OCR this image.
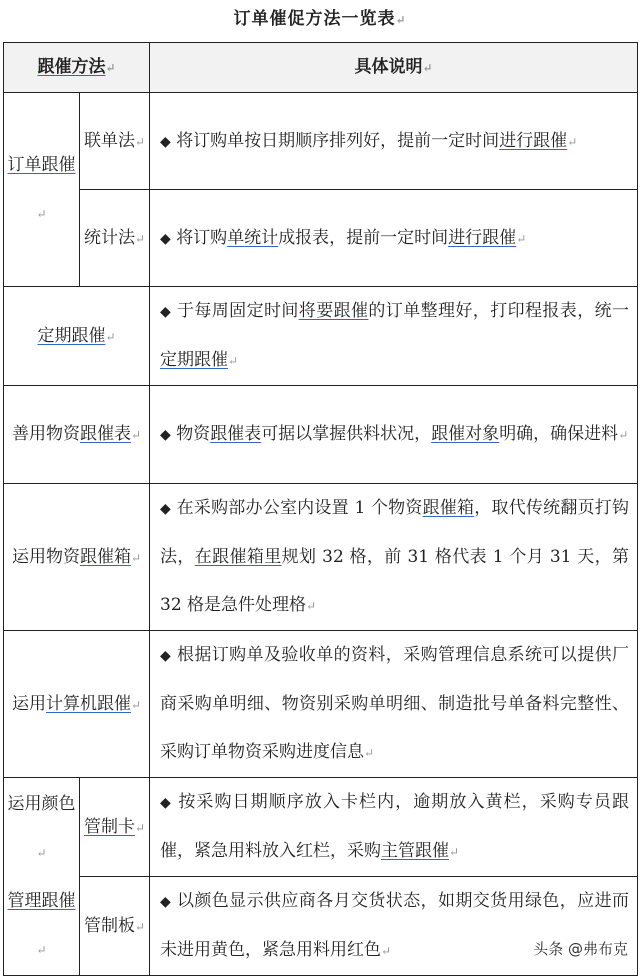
订单催促方法一览表↵
跟催方法↵		具体说明↵
订单跟催↵	联单法↵	◆ 将订购单按日期顺序排列好，提前一定时间进行跟催↵
	统计法↵	◆ 将订购单统计成报表，提前一定时间进行跟催↵
定期跟催↵		◆ 于每周固定时间将要跟催的订单整理好，打印程报表，统一定期跟催↵
善用物资跟催表↵		◆ 物资跟催表可据以掌握供料状况，跟催对象明确，确保进料↵
运用物资跟催箱↵		◆ 在采购部办公室内设置 1 个物资跟催箱，取代传统翻页打钩法，在跟催箱里规划 32 格，前 31 格代表 1 个月 31 天，第 32 格是急件处理格↵
运用计算机跟催↵		◆ 根据订购单及验收单的资料，采购管理信息系统可以提供厂商采购单明细、物资别采购单明细、制造批号单备料完整性、采购订单物资采购进度信息↵
运用颜色↵
管理跟催↵	管制卡↵	◆ 按采购日期顺序放入卡栏内，逾期放入黄栏，采购专员跟催，紧急用料放入红栏，采购主管跟催↵
	管制板↵	◆ 以颜色显示供应商各月交货状态，如期交货用绿色，应进而未进用黄色，紧急用料用红色↵	头条 @弗布克
